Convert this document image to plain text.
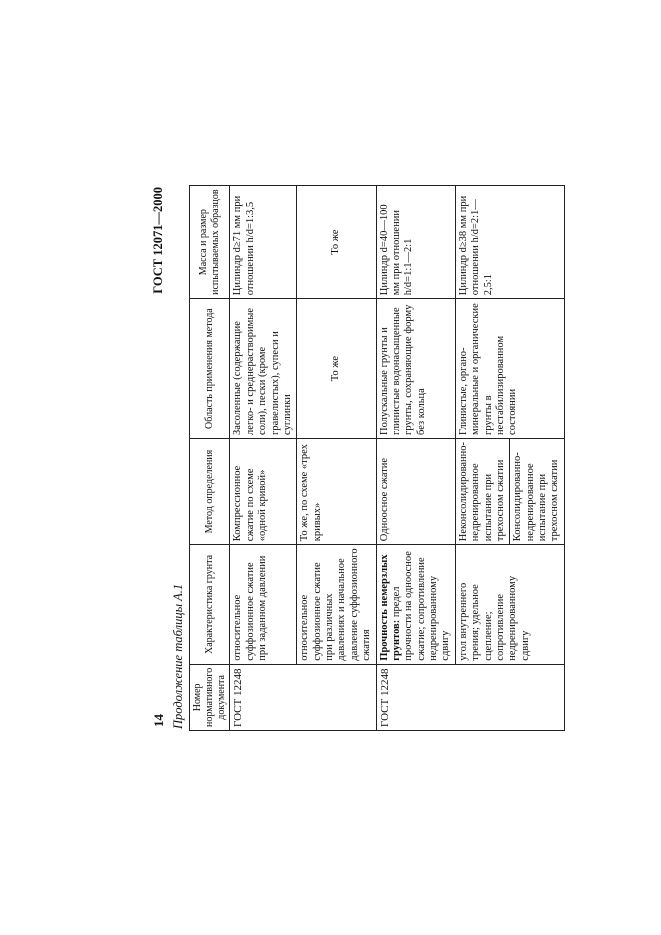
14
ГОСТ 12071—2000
Продолжение таблицы А.1 Номер нормативного документа	Характеристика грунта	Метод определения	Область применения метода	Масса и размер испытываемых образцов
ГОСТ 12248	относительное суффозионное сжатие при заданном давлении	Компрессионное сжатие по схеме «одной кривой»	Засоленные (содержащие легко- и среднерастворимые соли), пески (кроме гравелистых), супеси и суглинки	Цилиндр d≥71 мм при отношении h/d=1:3,5
	относительное суффозионное сжатие при различных давлениях и начальное давление суффозионного сжатия	То же, по схеме «трех кривых»	То же	То же
ГОСТ 12248	Прочность немерзлых грунтов: предел прочности на одноосное сжатие; сопротивление недренированному сдвигу	Одноосное сжатие	Полускальные грунты и глинистые водонасыщенные грунты, сохраняющие форму без кольца	Цилиндр d=40—100 мм при отношении h/d=1:1—2:1
	угол внутреннего трения; удельное сцепление; сопротивление недренированному сдвигу	Неконсолидированно-недренированное испытание при трехосном сжатии	Глинистые, органо-минеральные и органические грунты в нестабилизированном состоянии	Цилиндр d≥38 мм при отношении h/d=2:1—2,5:1
		Консолидированно-недренированное испытание при трехосном сжатии		
